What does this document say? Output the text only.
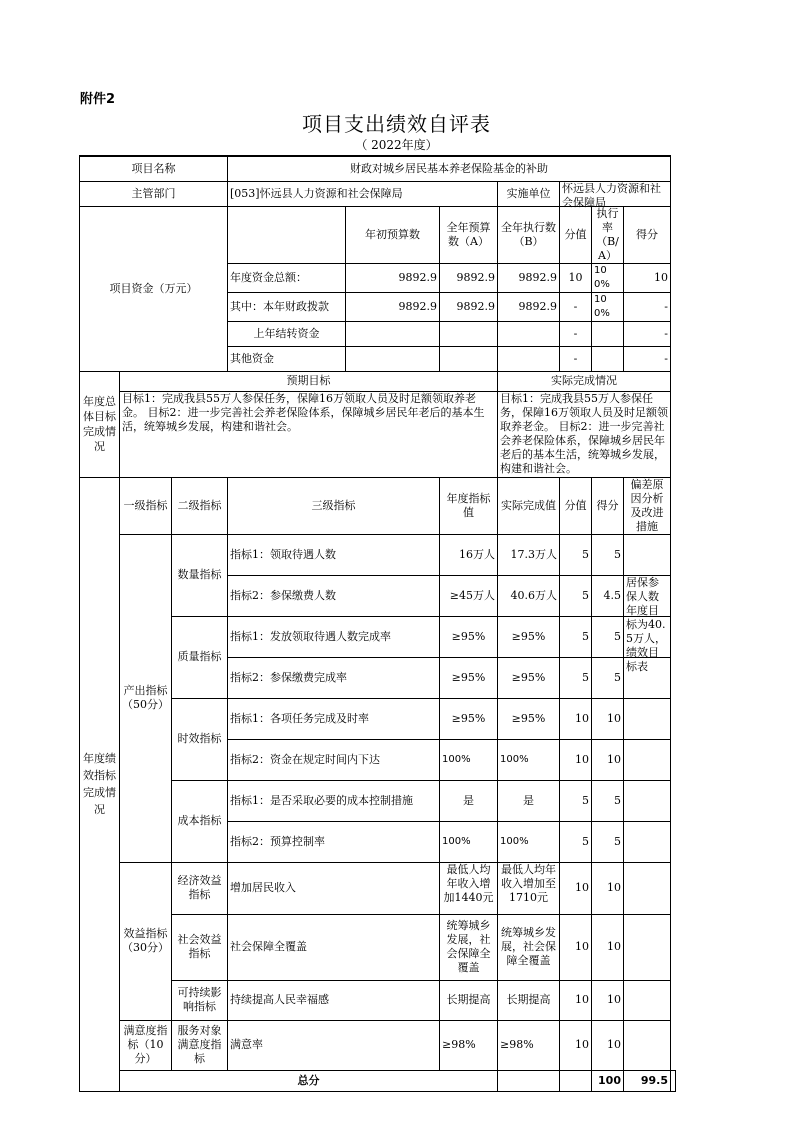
附件2
项目支出绩效自评表
（ 2022年度）
项目名称			财政对城乡居民基本养老保险基金的补助							
主管部门			[053]怀远县人力资源和社会保障局			实施单位	怀远县人力资源和社会保障局			

项目资金（万元）				年初预算数	全年预算数（A）	全年执行数（B）	分值	执行率（B/A）	得分	
			年度资金总额：	9892.9	9892.9	9892.9	10	100%	10	
			其中：本年财政拨款	9892.9	9892.9	9892.9	-	100%	-	
			上年结转资金				-		-	
			其他资金				-		-	
年度总体目标完成情况	预期目标					实际完成情况				
	目标1：完成我县55万人参保任务，保障16万领取人员及时足额领取养老金。 目标2：进一步完善社会养老保险体系，保障城乡居民年老后的基本生活，统筹城乡发展，构建和谐社会。					目标1：完成我县55万人参保任务，保障16万领取人员及时足额领取养老金。 目标2：进一步完善社会养老保险体系，保障城乡居民年老后的基本生活，统筹城乡发展，构建和谐社会。				
年度绩效指标完成情况	一级指标	二级指标	三级指标		年度指标值	实际完成值	分值	得分	偏差原因分析及改进措施	
	产出指标（50分）	数量指标	指标1：领取待遇人数		16万人	17.3万人	5	5		
			指标2：参保缴费人数		≥45万人	40.6万人	5	4.5	居保参保人数年度目标为40.5万人，绩效目标表	

		质量指标	指标1：发放领取待遇人数完成率		≥95%	≥95%	5	5		
			指标2：参保缴费完成率		≥95%	≥95%	5	5		
		时效指标	指标1：各项任务完成及时率		≥95%	≥95%	10	10		
			指标2：资金在规定时间内下达		100%	100%	10	10		
		成本指标	指标1：是否采取必要的成本控制措施		是	是	5	5		
			指标2：预算控制率		100%	100%	5	5		
	效益指标（30分）	经济效益指标	增加居民收入		最低人均年收入增加1440元	最低人均年收入增加至1710元	10	10		
		社会效益指标	社会保障全覆盖		统筹城乡发展，社会保障全覆盖	统筹城乡发展，社会保障全覆盖	10	10		
		可持续影响指标	持续提高人民幸福感		长期提高	长期提高	10	10		
	满意度指标（10分）	服务对象满意度指标	满意率		≥98%	≥98%	10	10		
	总分							100	99.5	
